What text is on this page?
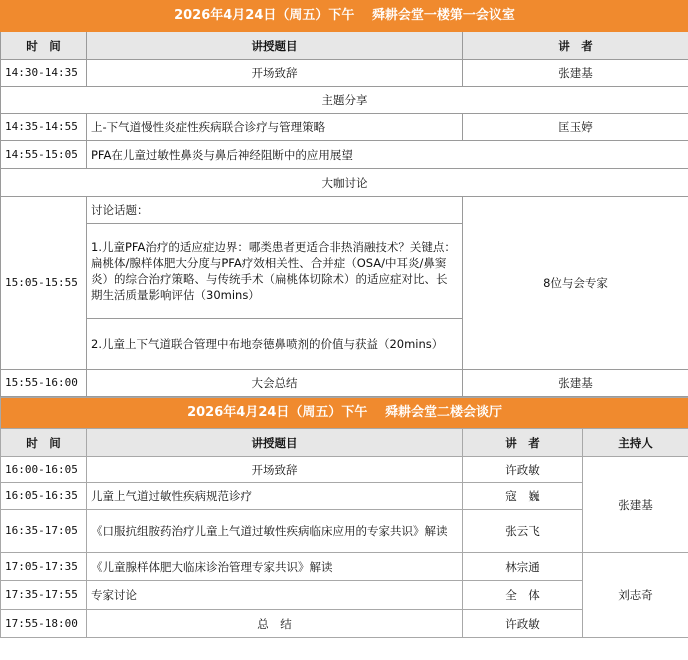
2026年4月24日（周五）下午　 舜耕会堂一楼第一会议室		
时　间	讲授题目	讲　者
14:30-14:35	开场致辞	张建基
主题分享		
14:35-14:55	上-下气道慢性炎症性疾病联合诊疗与管理策略	匡玉婷
14:55-15:05	PFA在儿童过敏性鼻炎与鼻后神经阻断中的应用展望	
大咖讨论		
15:05-15:55	讨论话题：	8位与会专家
	1.儿童PFA治疗的适应症边界：哪类患者更适合非热消融技术？关键点：扁桃体/腺样体肥大分度与PFA疗效相关性、合并症（OSA/中耳炎/鼻窦炎）的综合治疗策略、与传统手术（扁桃体切除术）的适应症对比、长期生活质量影响评估（30mins）	
	2.儿童上下气道联合管理中布地奈德鼻喷剂的价值与获益（20mins）	
15:55-16:00	大会总结	张建基
2026年4月24日（周五）下午　 舜耕会堂二楼会谈厅			
时　间	讲授题目	讲　者	主持人
16:00-16:05	开场致辞	许政敏	张建基
16:05-16:35	儿童上气道过敏性疾病规范诊疗	寇　巍	
16:35-17:05	《口服抗组胺药治疗儿童上气道过敏性疾病临床应用的专家共识》解读	张云飞	
17:05-17:35	《儿童腺样体肥大临床诊治管理专家共识》解读	林宗通	刘志奇
17:35-17:55	专家讨论	全　体	
17:55-18:00	总　结	许政敏	
